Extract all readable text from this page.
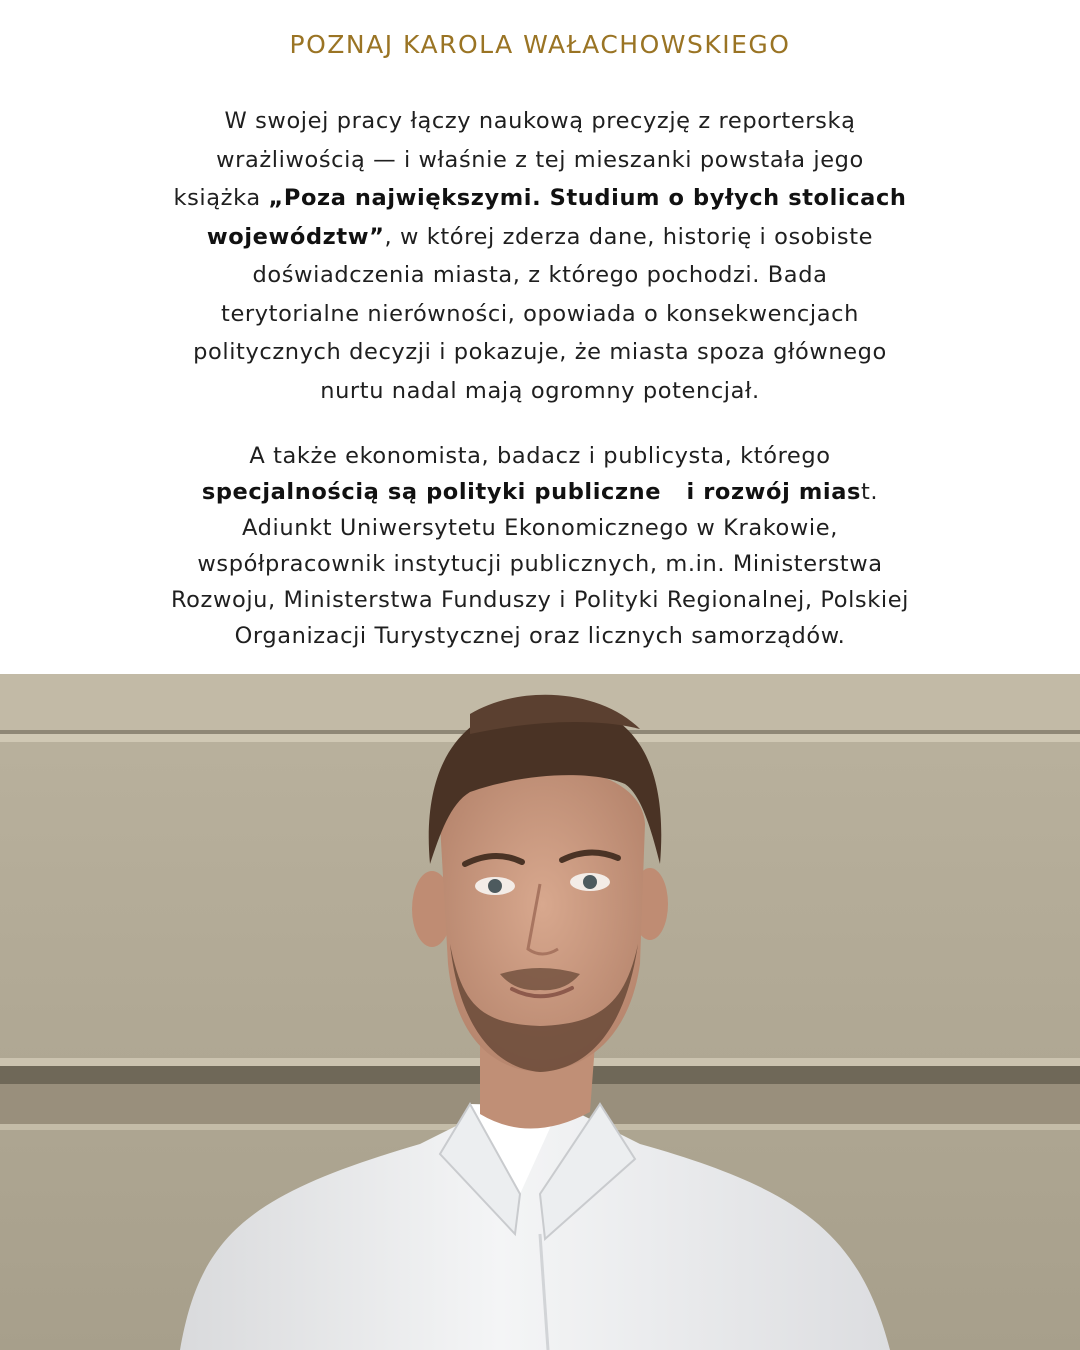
POZNAJ KAROLA WAŁACHOWSKIEGO
W swojej pracy łączy naukową precyzję z reporterską
wrażliwością — i właśnie z tej mieszanki powstała jego
książka „Poza największymi. Studium o byłych stolicach
województw”, w której zderza dane, historię i osobiste
doświadczenia miasta, z którego pochodzi. Bada
terytorialne nierówności, opowiada o konsekwencjach
politycznych decyzji i pokazuje, że miasta spoza głównego
nurtu nadal mają ogromny potencjał.
A także ekonomista, badacz i publicysta, którego
specjalnością są polityki publiczne   i rozwój miast.
Adiunkt Uniwersytetu Ekonomicznego w Krakowie,
współpracownik instytucji publicznych, m.in. Ministerstwa
Rozwoju, Ministerstwa Funduszy i Polityki Regionalnej, Polskiej
Organizacji Turystycznej oraz licznych samorządów.
